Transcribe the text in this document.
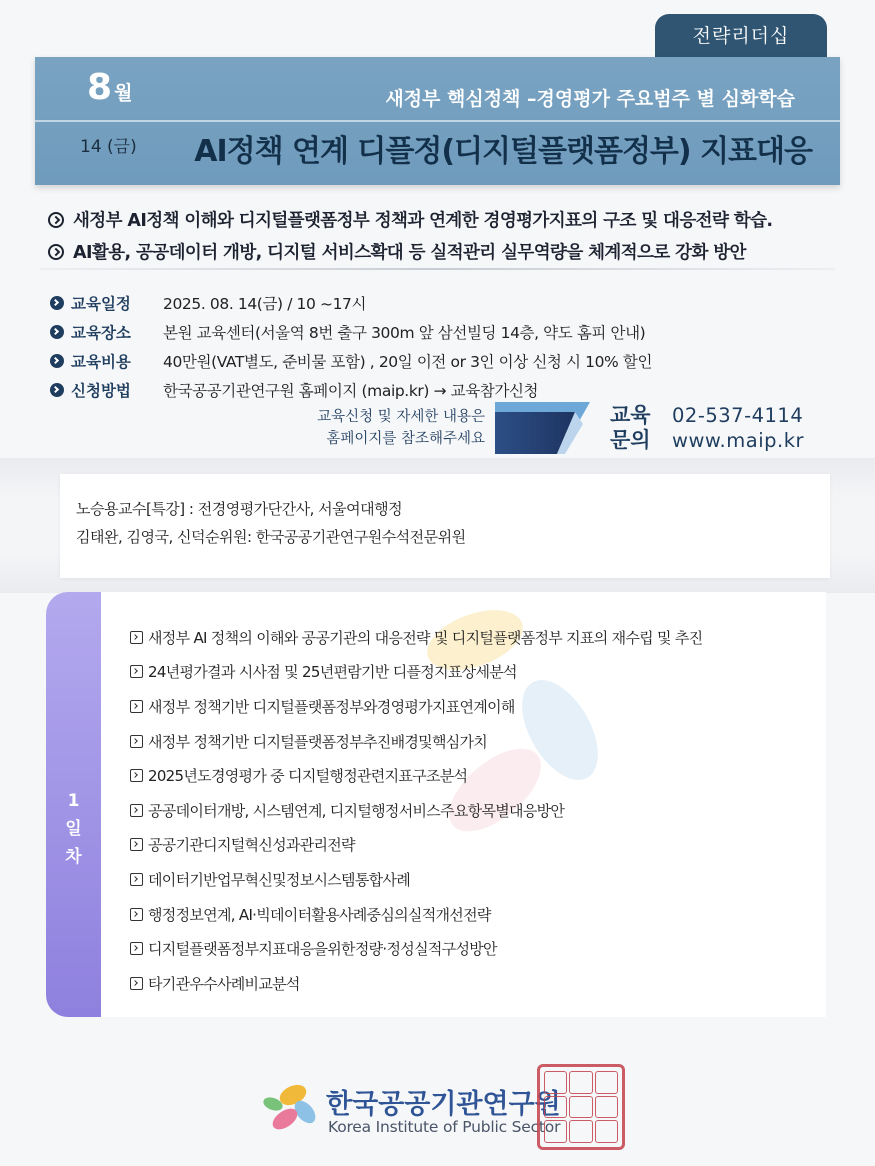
전략리더십
8 월
14 (금)
새정부 핵심정책 –경영평가 주요범주 별 심화학습
AI정책 연계 디플정(디지털플랫폼정부) 지표대응
새정부 AI정책 이해와 디지털플랫폼정부 정책과 연계한 경영평가지표의 구조 및 대응전략 학습.
AI활용, 공공데이터 개방, 디지털 서비스확대 등 실적관리 실무역량을 체계적으로 강화 방안
교육일정	2025. 08. 14(금) / 10 ~17시
교육장소	본원 교육센터(서울역 8번 출구 300m 앞 삼선빌딩 14층, 약도 홈피 안내)
교육비용	40만원(VAT별도, 준비물 포함) , 20일 이전 or 3인 이상 신청 시 10% 할인
신청방법	한국공공기관연구원 홈페이지 (maip.kr) → 교육참가신청
교육신청 및 자세한 내용은
홈페이지를 참조해주세요
교육
문의
02-537-4114
www.maip.kr
노승용교수[특강] : 전경영평가단간사, 서울여대행정
김태완, 김영국, 신덕순위원: 한국공공기관연구원수석전문위원
1
일
차
새정부 AI 정책의 이해와 공공기관의 대응전략 및 디지털플랫폼정부 지표의 재수립 및 추진
24년평가결과 시사점 및 25년편람기반 디플정지표상세분석
새정부 정책기반 디지털플랫폼정부와경영평가지표연계이해
새정부 정책기반 디지털플랫폼정부추진배경및핵심가치
2025년도경영평가 중 디지털행정관련지표구조분석
공공데이터개방, 시스템연계, 디지털행정서비스주요항목별대응방안
공공기관디지털혁신성과관리전략
데이터기반업무혁신및정보시스템통합사례
행정정보연계, AI·빅데이터활용사례중심의실적개선전략
디지털플랫폼정부지표대응을위한정량·정성실적구성방안
타기관우수사례비교분석
한국공공기관연구원
Korea Institute of Public Sector
